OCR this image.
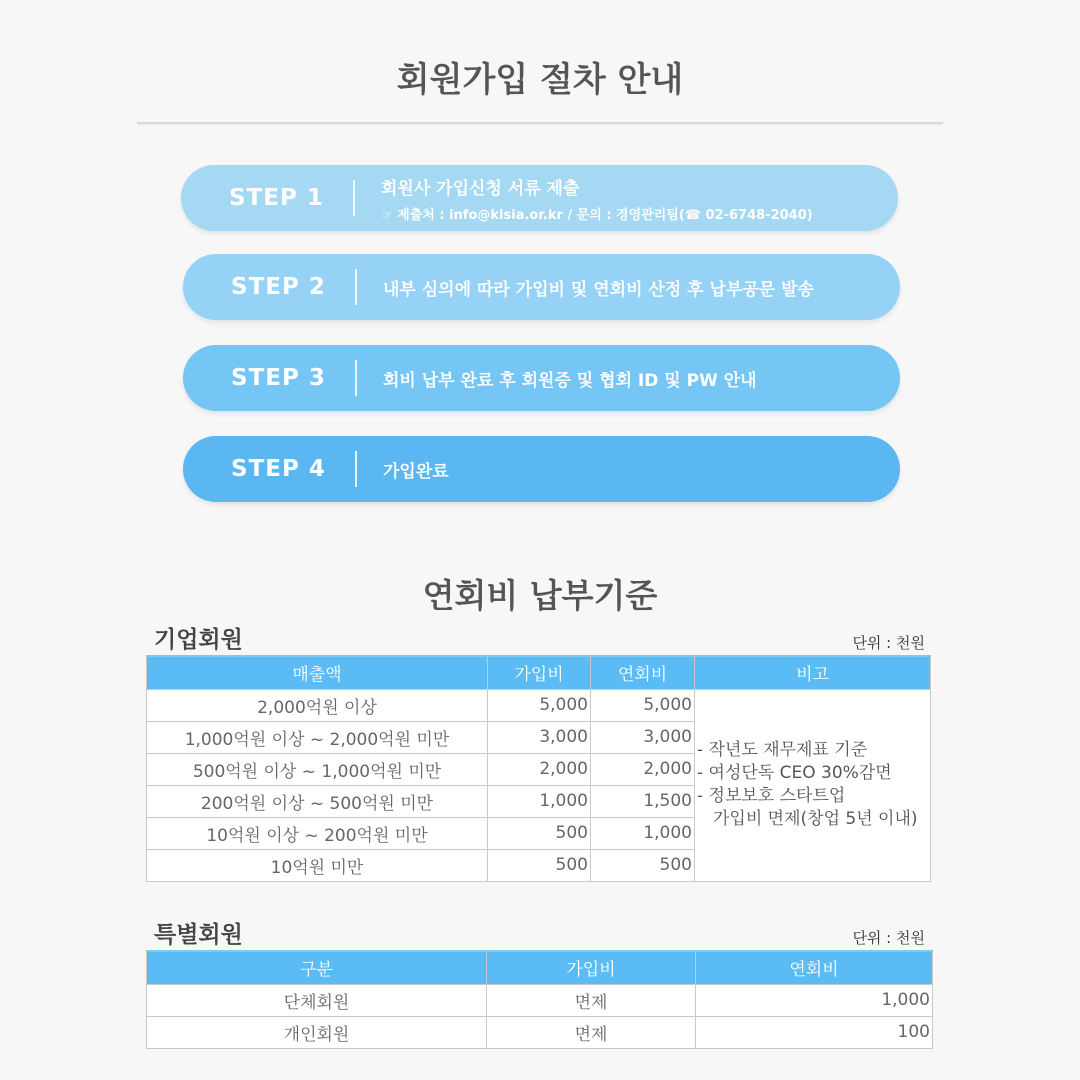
회원가입 절차 안내
STEP 1	회원사 가입신청 서류 제출
☞ 제출처 : info@kisia.or.kr / 문의 : 경영관리팀(☎ 02-6748-2040)
STEP 2	내부 심의에 따라 가입비 및 연회비 산정 후 납부공문 발송
STEP 3	회비 납부 완료 후 회원증 및 협회 ID 및 PW 안내
STEP 4	가입완료
연회비 납부기준
기업회원	단위 : 천원
매출액	가입비	연회비	비고
2,000억원 이상	5,000	5,000	- 작년도 재무제표 기준
- 여성단독 CEO 30%감면
- 정보보호 스타트업
가입비 면제(창업 5년 이내)

1,000억원 이상 ~ 2,000억원 미만	3,000	3,000	
500억원 이상 ~ 1,000억원 미만	2,000	2,000	
200억원 이상 ~ 500억원 미만	1,000	1,500	
10억원 이상 ~ 200억원 미만	500	1,000	
10억원 미만	500	500	
특별회원	단위 : 천원
구분	가입비	연회비
단체회원	면제	1,000
개인회원	면제	100
